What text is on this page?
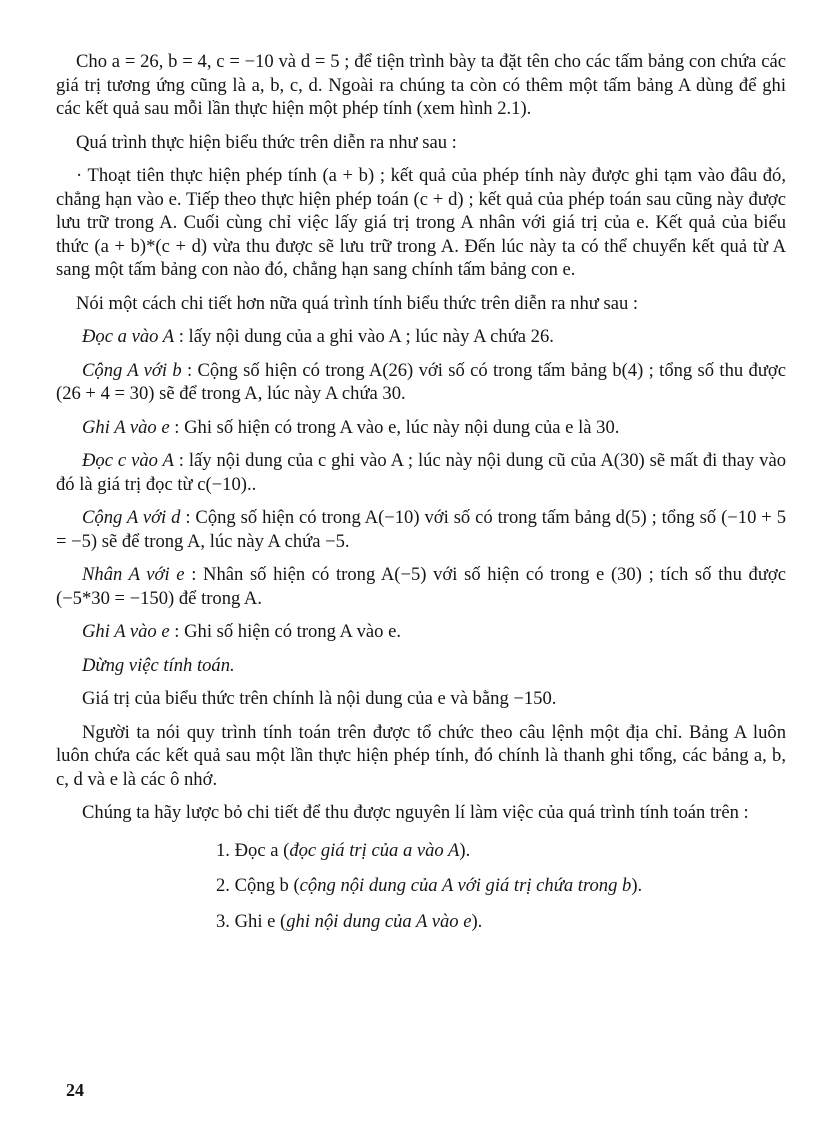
Cho a = 26, b = 4, c = −10 và d = 5 ; để tiện trình bày ta đặt tên cho các tấm bảng con chứa các giá trị tương ứng cũng là a, b, c, d. Ngoài ra chúng ta còn có thêm một tấm bảng A dùng để ghi các kết quả sau mỗi lần thực hiện một phép tính (xem hình 2.1).

Quá trình thực hiện biểu thức trên diễn ra như sau :

· Thoạt tiên thực hiện phép tính (a + b) ; kết quả của phép tính này được ghi tạm vào đâu đó, chẳng hạn vào e. Tiếp theo thực hiện phép toán (c + d) ; kết quả của phép toán sau cũng này được lưu trữ trong A. Cuối cùng chỉ việc lấy giá trị trong A nhân với giá trị của e. Kết quả của biểu thức (a + b)*(c + d) vừa thu được sẽ lưu trữ trong A. Đến lúc này ta có thể chuyển kết quả từ A sang một tấm bảng con nào đó, chẳng hạn sang chính tấm bảng con e.

Nói một cách chi tiết hơn nữa quá trình tính biểu thức trên diễn ra như sau :

Đọc a vào A : lấy nội dung của a ghi vào A ; lúc này A chứa 26.

Cộng A với b : Cộng số hiện có trong A(26) với số có trong tấm bảng b(4) ; tổng số thu được (26 + 4 = 30) sẽ để trong A, lúc này A chứa 30.

Ghi A vào e : Ghi số hiện có trong A vào e, lúc này nội dung của e là 30.

Đọc c vào A : lấy nội dung của c ghi vào A ; lúc này nội dung cũ của A(30) sẽ mất đi thay vào đó là giá trị đọc từ c(−10)..

Cộng A với d : Cộng số hiện có trong A(−10) với số có trong tấm bảng d(5) ; tổng số (−10 + 5 = −5) sẽ để trong A, lúc này A chứa −5.

Nhân A với e : Nhân số hiện có trong A(−5) với số hiện có trong e (30) ; tích số thu được (−5*30 = −150) để trong A.

Ghi A vào e : Ghi số hiện có trong A vào e.

Dừng việc tính toán.

Giá trị của biểu thức trên chính là nội dung của e và bằng −150.

Người ta nói quy trình tính toán trên được tổ chức theo câu lệnh một địa chỉ. Bảng A luôn luôn chứa các kết quả sau một lần thực hiện phép tính, đó chính là thanh ghi tổng, các bảng a, b, c, d và e là các ô nhớ.

Chúng ta hãy lược bỏ chi tiết để thu được nguyên lí làm việc của quá trình tính toán trên :

1. Đọc a (đọc giá trị của a vào A).
2. Cộng b (cộng nội dung của A với giá trị chứa trong b).
3. Ghi e (ghi nội dung của A vào e).
24
